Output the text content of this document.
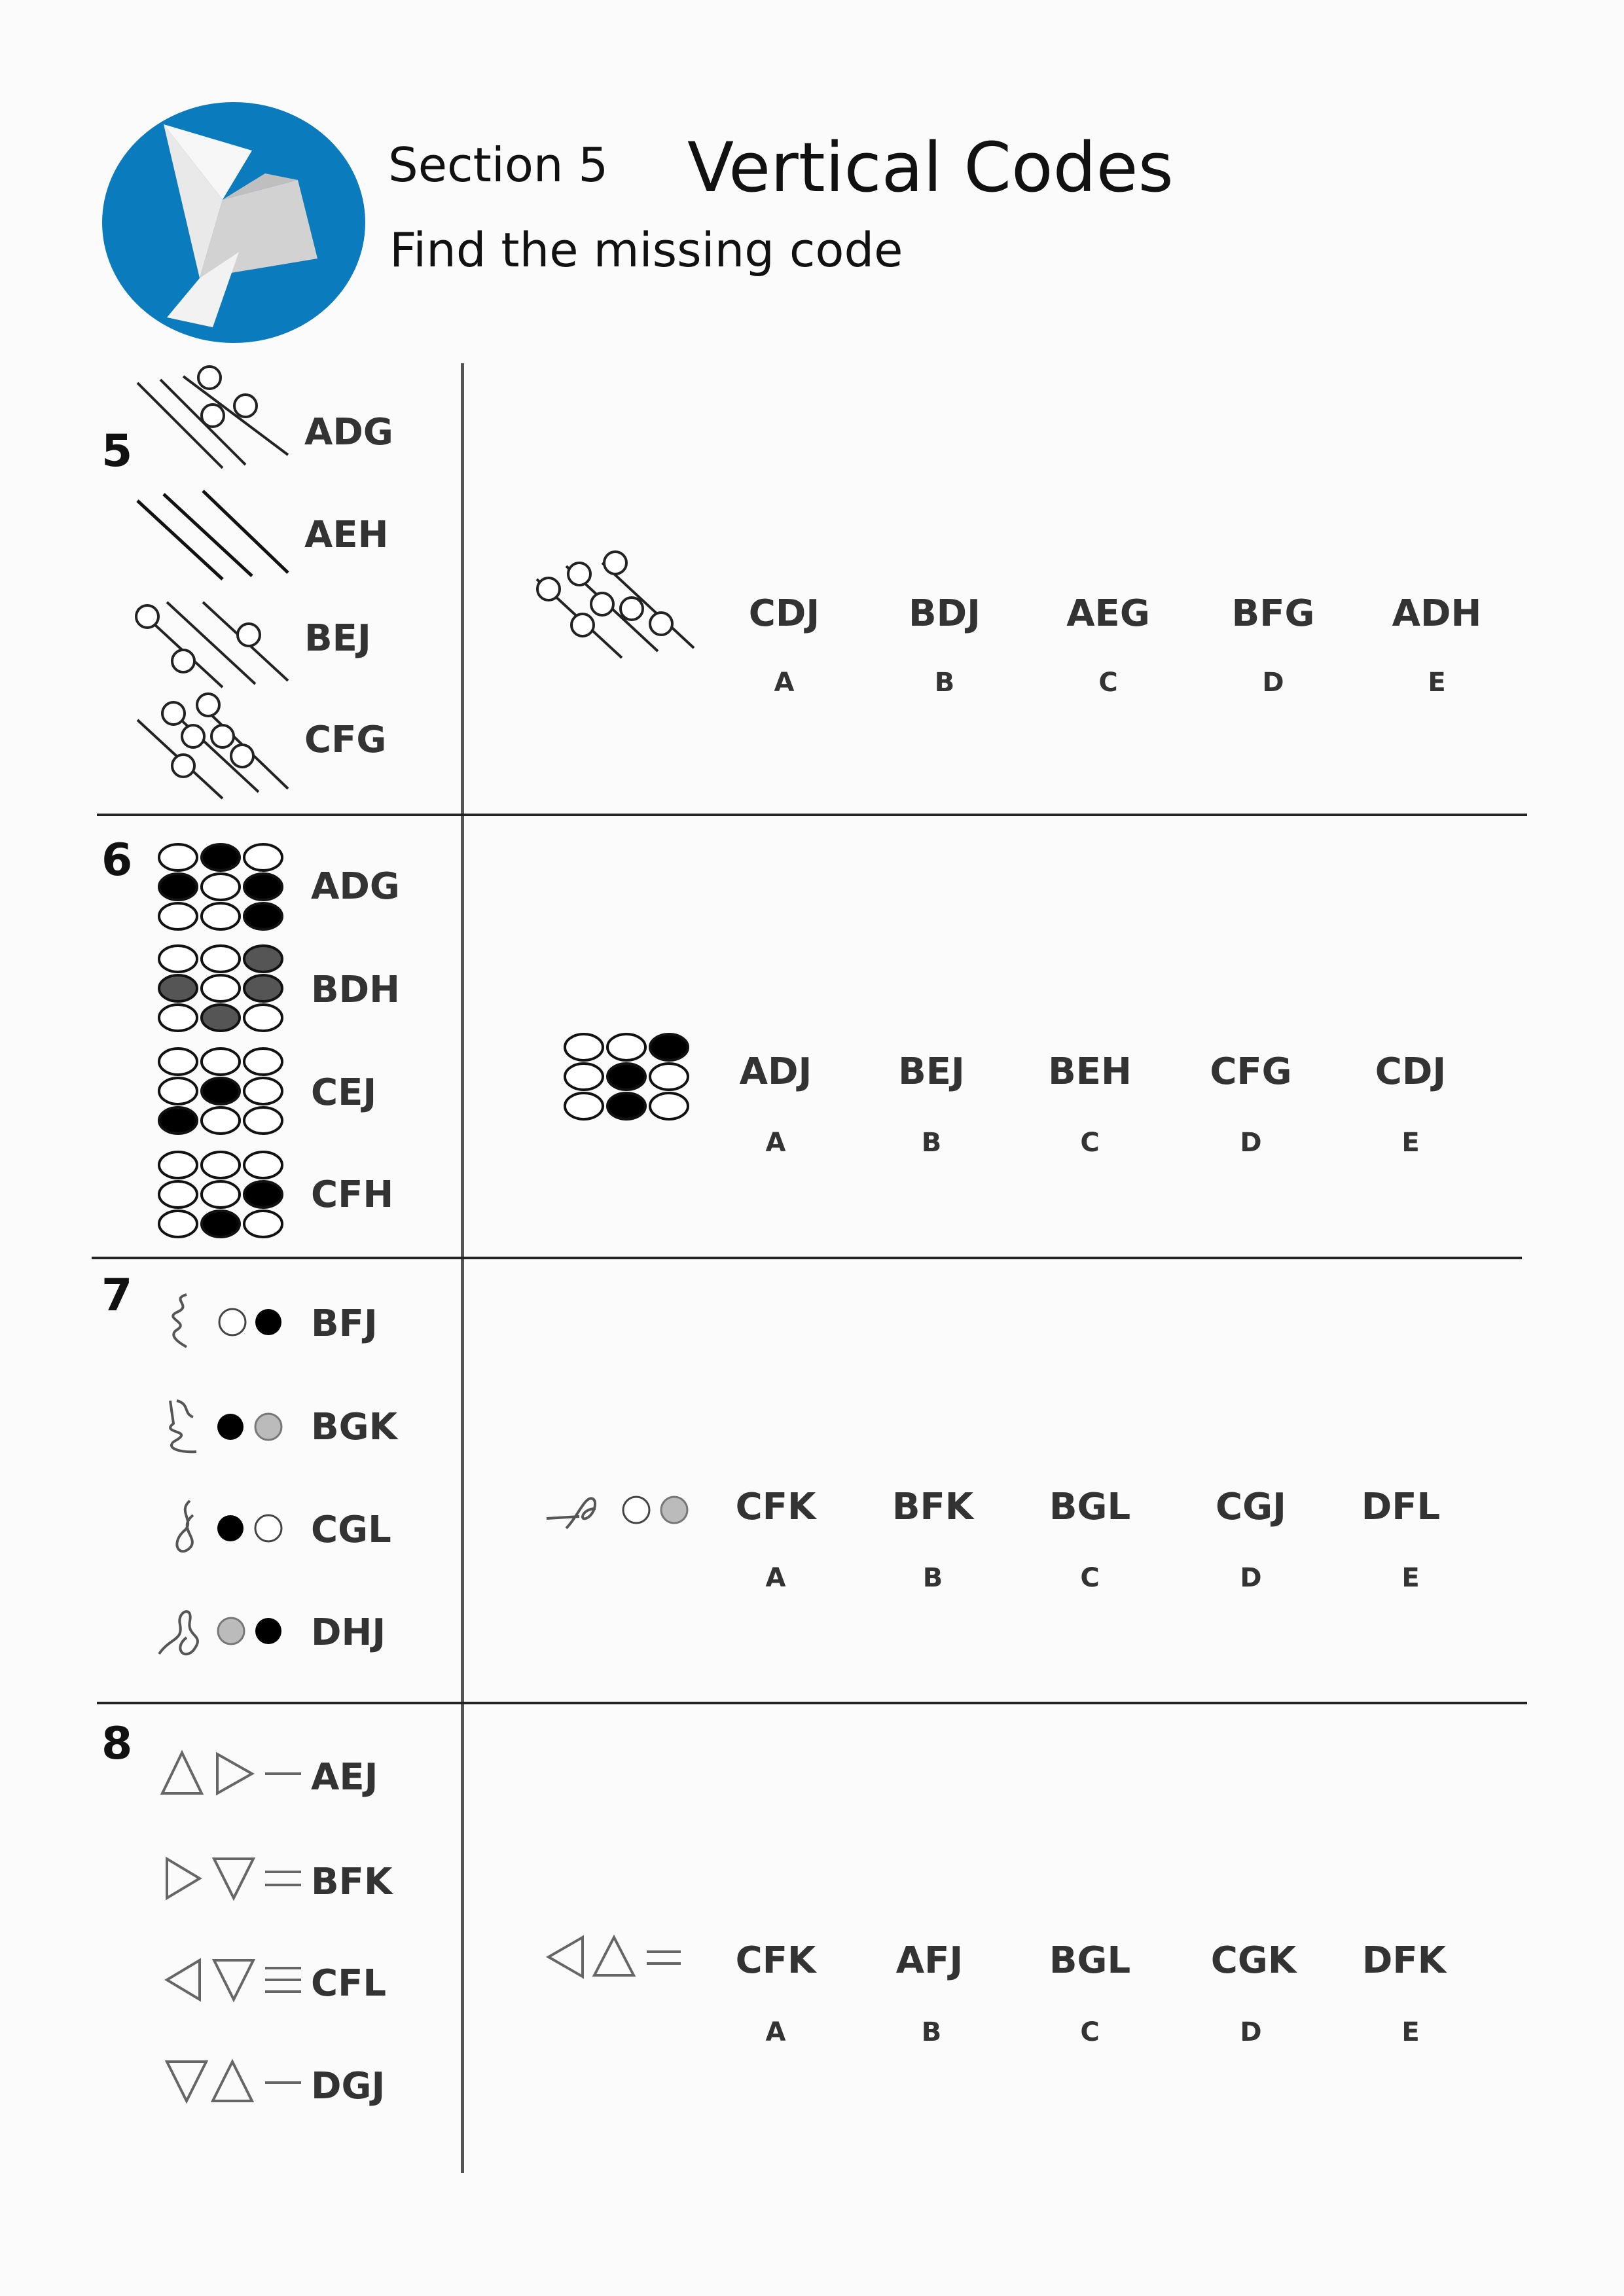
Section 5 Vertical Codes
Find the missing code
5	ADG
AEH
BEJ
CFG
CDJ
A
BDJ
B
AEG
C
BFG
D
ADH
E
6
ADG
BDH
CEJ
CFH
ADJ
A
BEJ
B
BEH
C
CFG
D
CDJ
E
7
BFJ
BGK
CGL
DHJ
CFK
A
BFK
B
BGL
C
CGJ
D
DFL
E
8
AEJ
BFK
CFL
DGJ
CFK
A
AFJ
B
BGL
C
CGK
D
DFK
E
